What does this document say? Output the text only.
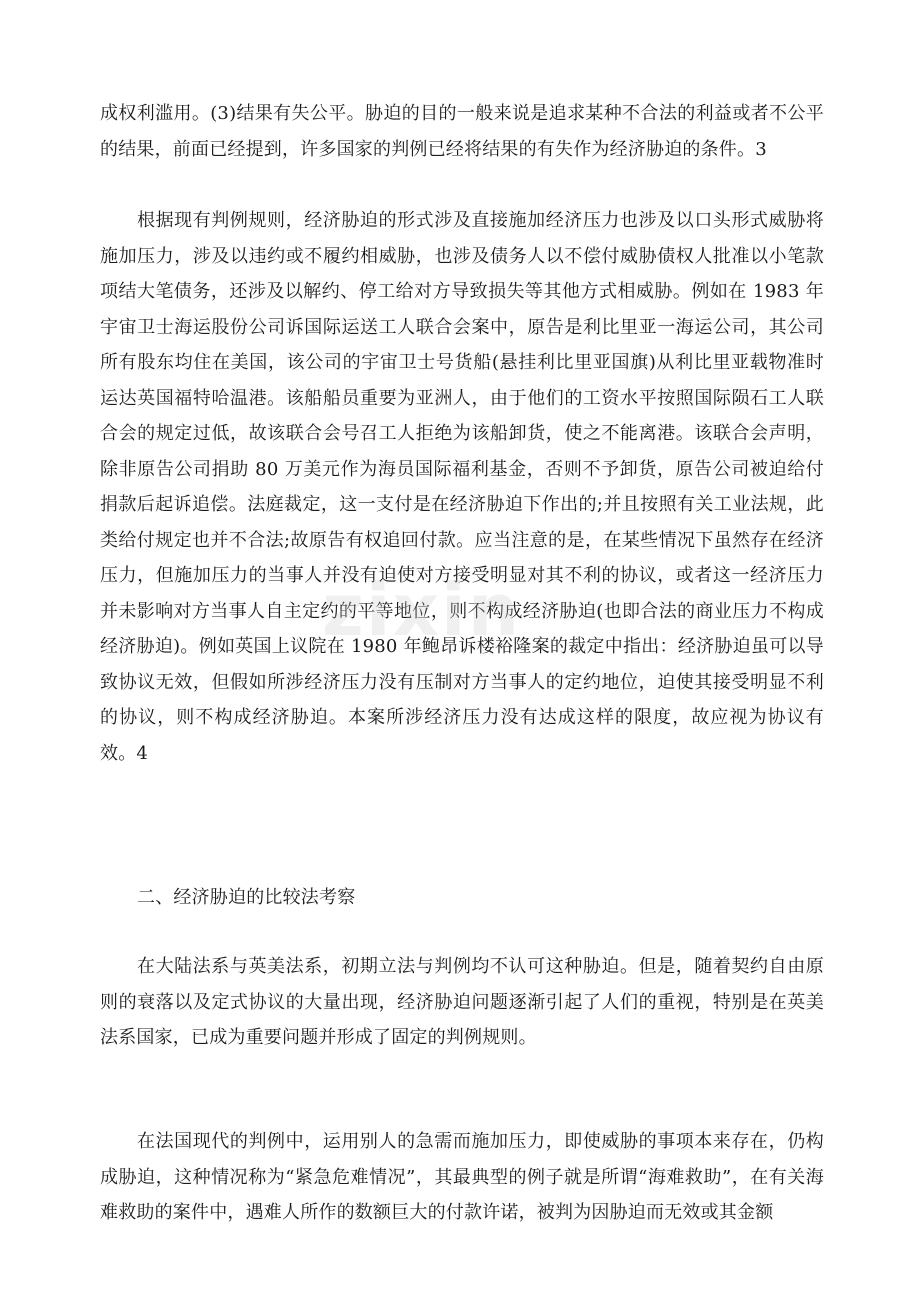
成权利滥用。(3)结果有失公平。胁迫的目的一般来说是追求某种不合法的利益或者不公平的结果，前面已经提到，许多国家的判例已经将结果的有失作为经济胁迫的条件。3

根据现有判例规则，经济胁迫的形式涉及直接施加经济压力也涉及以口头形式威胁将施加压力，涉及以违约或不履约相威胁，也涉及债务人以不偿付威胁债权人批准以小笔款项结大笔债务，还涉及以解约、停工给对方导致损失等其他方式相威胁。例如在 1983 年宇宙卫士海运股份公司诉国际运送工人联合会案中，原告是利比里亚一海运公司，其公司所有股东均住在美国，该公司的宇宙卫士号货船(悬挂利比里亚国旗)从利比里亚载物准时运达英国福特哈温港。该船船员重要为亚洲人，由于他们的工资水平按照国际陨石工人联合会的规定过低，故该联合会号召工人拒绝为该船卸货，使之不能离港。该联合会声明，除非原告公司捐助 80 万美元作为海员国际福利基金，否则不予卸货，原告公司被迫给付捐款后起诉追偿。法庭裁定，这一支付是在经济胁迫下作出的;并且按照有关工业法规，此类给付规定也并不合法;故原告有权追回付款。应当注意的是，在某些情况下虽然存在经济压力，但施加压力的当事人并没有迫使对方接受明显对其不利的协议，或者这一经济压力并未影响对方当事人自主定约的平等地位，则不构成经济胁迫(也即合法的商业压力不构成经济胁迫)。例如英国上议院在 1980 年鲍昂诉楼裕隆案的裁定中指出：经济胁迫虽可以导致协议无效，但假如所涉经济压力没有压制对方当事人的定约地位，迫使其接受明显不利的协议，则不构成经济胁迫。本案所涉经济压力没有达成这样的限度，故应视为协议有效。4

二、经济胁迫的比较法考察

在大陆法系与英美法系，初期立法与判例均不认可这种胁迫。但是，随着契约自由原则的衰落以及定式协议的大量出现，经济胁迫问题逐渐引起了人们的重视，特别是在英美法系国家，已成为重要问题并形成了固定的判例规则。

在法国现代的判例中，运用别人的急需而施加压力，即使威胁的事项本来存在，仍构成胁迫，这种情况称为“紧急危难情况”，其最典型的例子就是所谓“海难救助”，在有关海难救助的案件中，遇难人所作的数额巨大的付款许诺，被判为因胁迫而无效或其金额

zixin
